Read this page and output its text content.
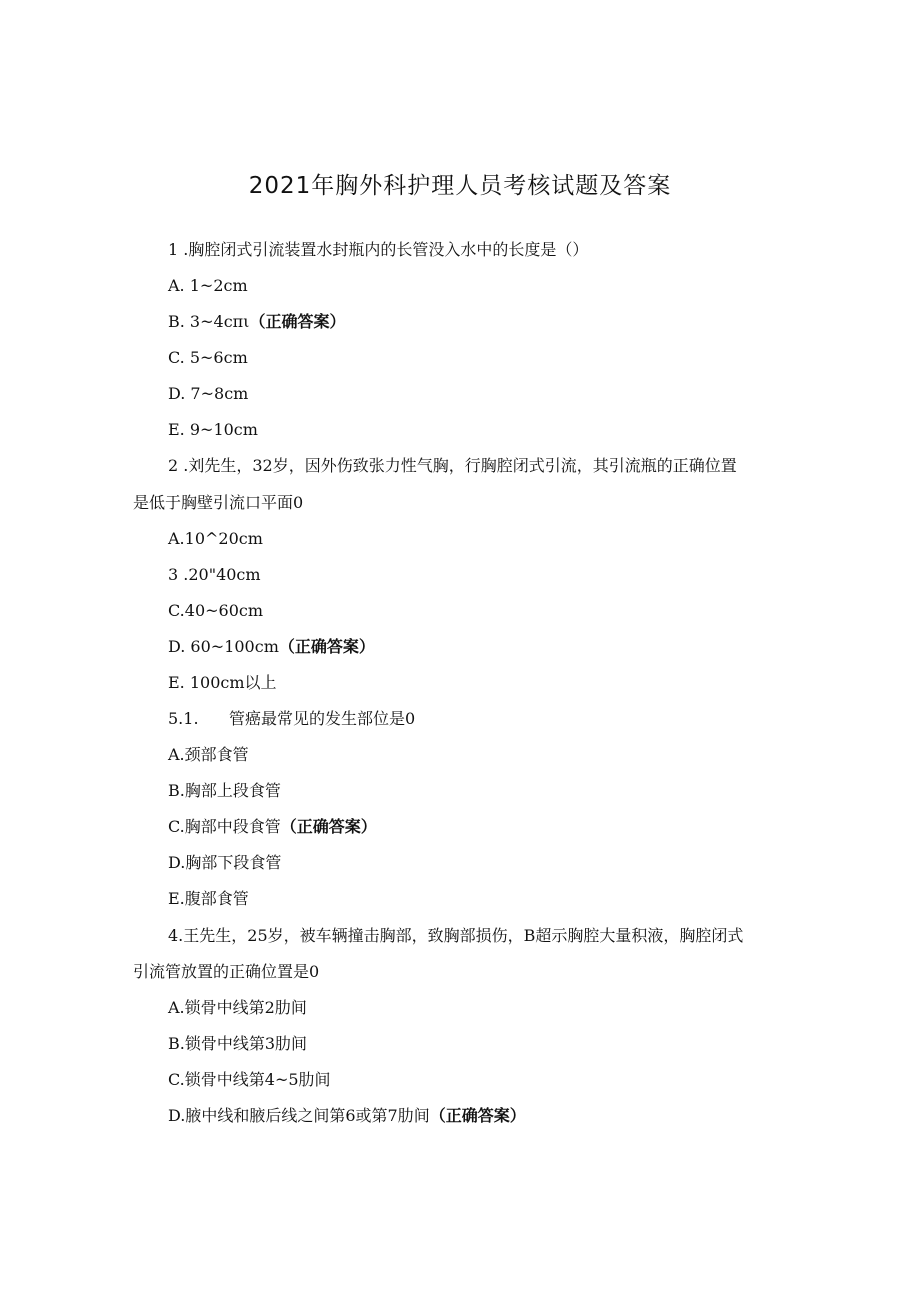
2021年胸外科护理人员考核试题及答案
1 .胸腔闭式引流装置水封瓶内的长管没入水中的长度是（）
A. 1~2cm
B. 3~4cπι（正确答案）
C. 5~6cm
D. 7~8cm
E. 9~10cm
2 .刘先生，32岁，因外伤致张力性气胸，行胸腔闭式引流，其引流瓶的正确位置
是低于胸壁引流口平面0
A.10^20cm
3 .20"40cm
C.40~60cm
D. 60~100cm（正确答案）
E. 100cm以上
5.1.      管癌最常见的发生部位是0
A.颈部食管
B.胸部上段食管
C.胸部中段食管（正确答案）
D.胸部下段食管
E.腹部食管
4.王先生，25岁，被车辆撞击胸部，致胸部损伤，B超示胸腔大量积液，胸腔闭式
引流管放置的正确位置是0
A.锁骨中线第2肋间
B.锁骨中线第3肋间
C.锁骨中线第4~5肋间
D.腋中线和腋后线之间第6或第7肋间（正确答案）
